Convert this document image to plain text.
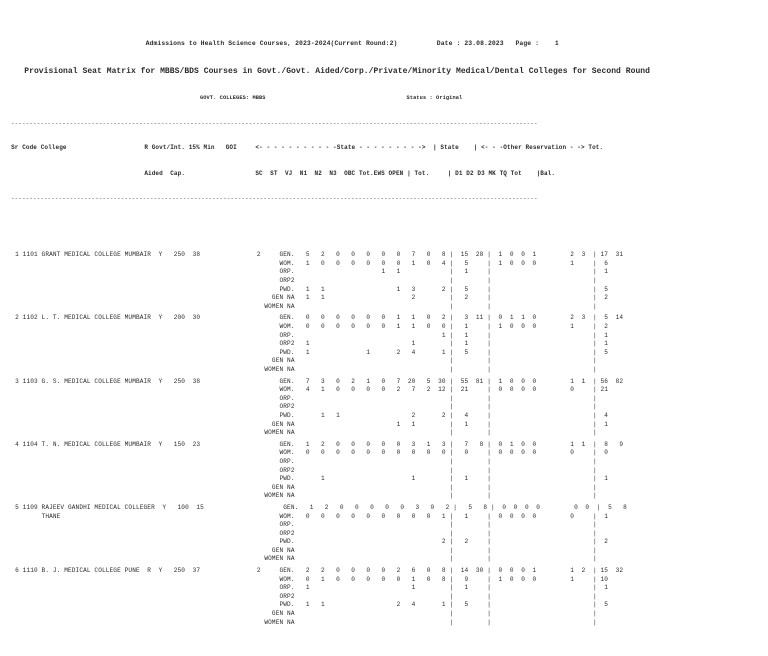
Admissions to Health Science Courses, 2023-2024(Current Round:2)          Date : 23.08.2023   Page :    1

Provisional Seat Matrix for MBBS/BDS Courses in Govt./Govt. Aided/Corp./Private/Minority Medical/Dental Colleges for Second Round

GOVT. COLLEGES: MBBS                                           Status : Original

------------------------------------------------------------------------------------------------------------------------------------------------

Sr Code College                     R Govt/Int. 15% Min   GOI     <- - - - - - - - - - -State - - - - - - - - ->  | State    | <- - -Other Reservation - -> Tot.

Aided  Cap.                   SC  ST  VJ  N1  N2  N3  OBC Tot.EWS OPEN | Tot.     | D1 D2 D3 MK TQ Tot    |Bal.

------------------------------------------------------------------------------------------------------------------------------------------------

1 1101 GRANT MEDICAL COLLEGE MUMBAIR  Y   250  38               2     GEN.   5   2   0   0   0   0   0   7   0   8 |  15  28 |  1  0  0  1         2  3  | 17  31
WOM.   1   0   0   0   0   0   0   1   0   4 |   5     |  1  0  0  0         1     |  6
ORP.                       1   1             |   1     |                           |  1
ORP2                                         |         |                           |
PWD.   1   1                   1   3       2 |   5     |                           |  5
GEN NA   1   1                       2         |   2     |                           |  2
WOMEN NA                                         |         |                           |
2 1102 L. T. MEDICAL COLLEGE MUMBAIR  Y   200  30                     GEN.   0   0   0   0   0   0   1   1   0   2 |   3  11 |  0  1  1  0         2  3  |  5  14
WOM.   0   0   0   0   0   0   1   1   0   0 |   1     |  1  0  0  0         1     |  2
ORP.                                       1 |   1     |                           |  1
ORP2   1                           1         |   1     |                           |  1
PWD.   1               1       2   4       1 |   5     |                           |  5
GEN NA                                         |         |                           |
WOMEN NA                                         |         |                           |
3 1103 G. S. MEDICAL COLLEGE MUMBAIR  Y   250  38                     GEN.   7   3   0   2   1   0   7  20   5  30 |  55  81 |  1  0  0  0         1  1  | 56  82
WOM.   4   1   0   0   0   0   2   7   2  12 |  21     |  0  0  0  0         0     | 21
ORP.                                         |         |                           |
ORP2                                         |         |                           |
PWD.       1   1                   2       2 |   4     |                           |  4
GEN NA                           1   1         |   1     |                           |  1
WOMEN NA                                         |         |                           |
4 1104 T. N. MEDICAL COLLEGE MUMBAIR  Y   150  23                     GEN.   1   2   0   0   0   0   0   3   1   3 |   7   8 |  0  1  0  0         1  1  |  8   9
WOM.   0   0   0   0   0   0   0   0   0   0 |   0     |  0  0  0  0         0     |  0
ORP.                                         |         |                           |
ORP2                                         |         |                           |
PWD.       1                       1         |   1     |                           |  1
GEN NA                                         |         |                           |
WOMEN NA                                         |         |                           |
5 1109 RAJEEV GANDHI MEDICAL COLLEGER  Y   100  15                     GEN.   1   2   0   0   0   0   0   3   0   2 |   5   8 |  0  0  0  0         0  0  |  5   8
THANE                                                          WOM.   0   0   0   0   0   0   0   0   0   1 |   1     |  0  0  0  0         0     |  1
ORP.                                         |         |                           |
ORP2                                         |         |                           |
PWD.                                       2 |   2     |                           |  2
GEN NA                                         |         |                           |
WOMEN NA                                         |         |                           |
6 1110 B. J. MEDICAL COLLEGE PUNE  R  Y   250  37               2     GEN.   2   2   0   0   0   0   2   6   0   8 |  14  30 |  0  0  0  1         1  2  | 15  32
WOM.   0   1   0   0   0   0   0   1   0   8 |   9     |  1  0  0  0         1     | 10
ORP.   1                           1         |   1     |                           |  1
ORP2                                         |         |                           |
PWD.   1   1                   2   4       1 |   5     |                           |  5
GEN NA                                         |         |                           |
WOMEN NA                                         |         |                           |
